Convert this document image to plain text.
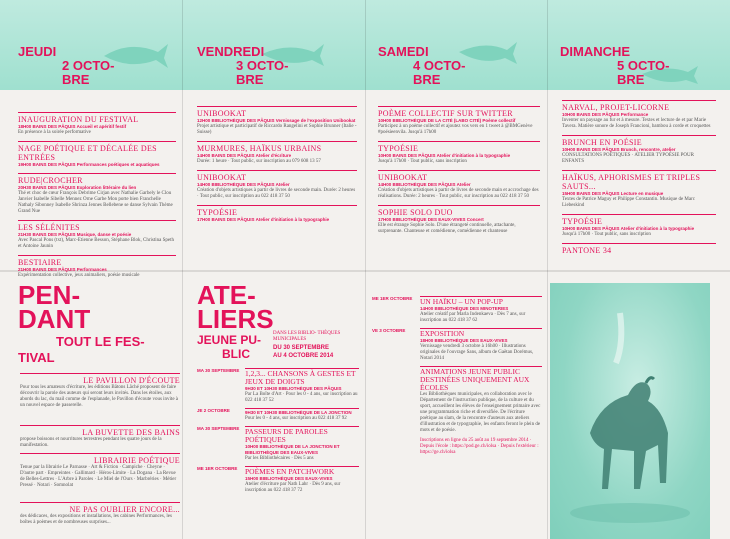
JEUDI
2 OCTO-
BRE
VENDREDI
3 OCTO-
BRE
SAMEDI
4 OCTO-
BRE
DIMANCHE
5 OCTO-
BRE
INAUGURATION DU FESTIVAL
18H00 BAINS DES PÂQUIS Accueil et apéritif festif
En présence à la soirée performative
NAGE POÉTIQUE ET DÉCALÉE DES ENTRÉES
19H00 BAINS DES PÂQUIS Performances poétiques et aquatiques
RUDE|CROCHER
20H30 BAINS DES PÂQUIS Exploration littéraire du lien
Thé et choc de cœur François Debrime Cirjan avec Nathalie Garbely le Clou Janvier Isabelle Sibelle Mennez Orne Garbe Mon porte bien Franchelle Nathaly Sibonney Isabelle Shrinza Jennes Bellebene se danse Sylvain Thème Grand Nue
LES SÉLÉNITES
21H30 BAINS DES PÂQUIS Musique, danse et poésie
Avec Pascal Pons (txt), Marc-Etienne Besson, Stéphane Blok, Christina Speth et Antoine Jaunin
BESTIAIRE
21H00 BAINS DES PÂQUIS Performances
Expérimentation collective, jeux animaliers, poésie musicale
UNIBOOKAT
12H00 BIBLIOTHÈQUE DES PÂQUIS Vernissage de l'exposition Unibookat
Projet artistique et participatif de Riccardo Rangelini et Sophie Brunner (Italie - Suisse)
MURMURES, HAÏKUS URBAINS
14H00 BAINS DES PÂQUIS Atelier d'écriture
Durée: 1 heure · Tout public, sur inscription au 079 608 13 57
UNIBOOKAT
14H00 BIBLIOTHÈQUE DES PÂQUIS Atelier
Création d'objets artistiques à partir de livres de seconde main. Durée: 2 heures · Tout public, sur inscription au 022 418 37 50
TYPOÉSIE
17H00 BAINS DES PÂQUIS Atelier d'initiation à la typographie
POÈME COLLECTIF SUR TWITTER
10H00 BIBLIOTHÈQUE DE LA CITÉ (LABO CITÉ) Poème collectif
Participez à un poème collectif et ajoutez vos vers en 1 tweet à @BMGenève #poésieenvila. Jusqu'à 17h00
TYPOÉSIE
10H00 BAINS DES PÂQUIS Atelier d'initiation à la typographie
Jusqu'à 17h00 · Tout public, sans inscription
UNIBOOKAT
14H00 BIBLIOTHÈQUE DES PÂQUIS Atelier
Création d'objets artistiques à partir de livres de seconde main et accrochage des réalisations. Durée: 2 heures · Tout public, sur inscription au 022 418 37 50
SOPHIE SOLO DUO
17H00 BIBLIOTHÈQUE DES EAUX-VIVES Concert
Elle est étrange Sophie Solo. D'une étrangeté continuelle, attachante, surprenante. Chanteuse et comédienne, comédienne et chanteuse
NARVAL, PROJET-LICORNE
10H00 BAINS DES PÂQUIS Performance
Inventer un paysage au fur et à mesure. Textes et lecture de et par Marie Tavera. Matière sonore de Joseph Francioni, bambou à corde et croquettes
BRUNCH EN POÉSIE
10H00 BAINS DES PÂQUIS Brunch, rencontre, atelier
CONSULTATIONS POÉTIQUES · ATELIER TYPOÉSIE POUR ENFANTS
HAÏKUS, APHORISMES ET TRIPLES SAUTS...
15H00 BAINS DES PÂQUIS Lecture en musique
Textes de Patrice Maguy et Philippe Constantin. Musique de Marc Liebeskind
TYPOÉSIE
10H00 BAINS DES PÂQUIS Atelier d'initiation à la typographie
Jusqu'à 17h00 · Tout public, sans inscription
PANTONE 34
PEN-
DANT
TOUT LE FES-
TIVAL
LE PAVILLON D'ÉCOUTE
Pour tous les amateurs d'écriture, les éditions Bâtons Lâché proposent de faire découvrir la parole des auteurs qui seront leurs invités. Dans les étoiles, aux abords du lac, du mail comme de l'esplanade, le Pavillon d'écoute vous invite à un nouvel espace de passerelle.
LA BUVETTE DES BAINS
propose boissons et nourritures terrestres pendant les quatre jours de la manifestation.
LIBRAIRIE POÉTIQUE
Tenue par la librairie Le Parnasse · Art & Fiction · Campiche · Cheyne · D'autre part · Empreintes · Gallimard · Héros-Limite · La Dogana · La Revue de Belles-Lettres · L'Arbre à Paroles · Le Miel de l'Ours · Marbréries · Métier Pressé · Notari · Somnolat
NE PAS OUBLIER ENCORE...
des dédicaces, des expositions et installations, les cabines Performances, les boîtes à poèmes et de nombreuses surprises...
ATE-
LIERS
JEUNE PU-
BLIC
DANS LES BIBLIO- THÈQUES MUNICIPALES
DU 30 SEPTEMBRE
AU 4 OCTOBRE 2014
MA 30 SEPTEMBRE 1,2,3... CHANSONS À GESTES ET JEUX DE DOIGTS
9H30 ET 10H30 BIBLIOTHÈQUE DES PÂQUIS
Par La Boîte d'Art · Pour les 0 - 4 ans, sur inscription au 022 418 37 52
JE 2 OCTOBRE	9H30 ET 10H30 BIBLIOTHÈQUE DE LA JONCTION
Pour les 0 - 4 ans, sur inscription au 022 418 37 92
MA 30 SEPTEMBRE PASSEURS DE PAROLES POÉTIQUES
10H00 BIBLIOTHÈQUE DE LA JONCTION ET BIBLIOTHÈQUE DES EAUX-VIVES
Par les Bibliothécaires · Dès 5 ans
ME 1ER OCTOBRE	POÈMES EN PATCHWORK
15H00 BIBLIOTHÈQUE DES EAUX-VIVES
Atelier d'écriture par Nath Lahr · Dès 9 ans, sur inscription au 022 418 37 72
ME 1ER OCTOBRE	UN HAÏKU – UN POP-UP
14H00 BIBLIOTHÈQUE DES MINOTERIES
Atelier créatif par Marla Indenkaeva · Dès 7 ans, sur inscription au 022 418 37 62
VE 3 OCTOBRE	EXPOSITION
18H00 BIBLIOTHÈQUE DES EAUX-VIVES
Vernissage vendredi 3 octobre à 16h00 · Illustrations originales de l'ouvrage Sans, album de Gaëtan Dorémus, Notari 2014
ANIMATIONS JEUNE PUBLIC DESTINÉES UNIQUEMENT AUX ÉCOLES
Les Bibliothèques municipales, en collaboration avec le Département de l'instruction publique, de la culture et du sport, accueillent les élèves de l'enseignement primaire avec une programmation riche et diversifiée. De l'écriture poétique au slam, de la rencontre d'auteurs aux ateliers d'illustration et de typographie, les enfants feront le plein de mots et de poésie.
Inscriptions en ligne du 25 août au 19 septembre 2014 · Depuis l'école : https://pod.ge.ch/iolsa · Depuis l'extérieur : https://ge.ch/iolsa
